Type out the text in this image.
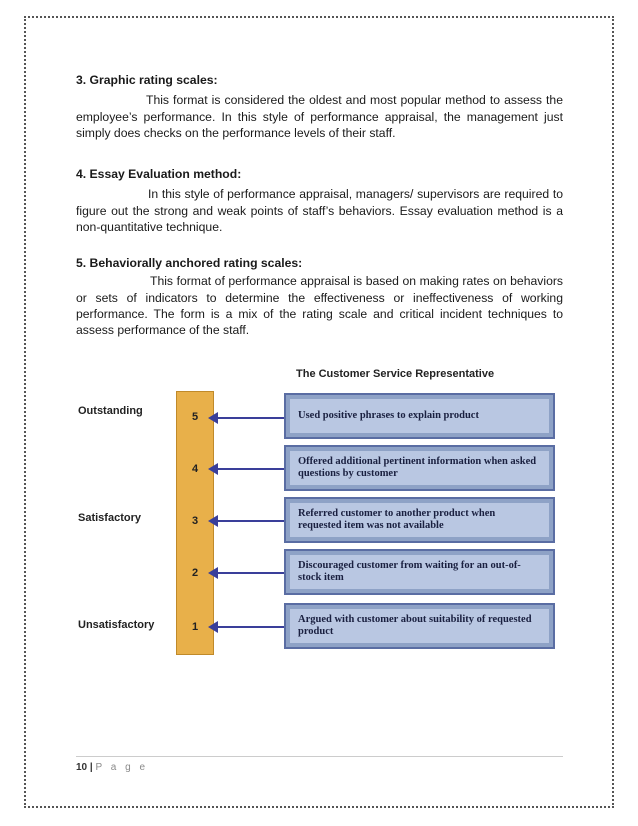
3. Graphic rating scales:

This format is considered the oldest and most popular method to assess the employee’s performance. In this style of performance appraisal, the management just simply does checks on the performance levels of their staff.

4. Essay Evaluation method:

In this style of performance appraisal, managers/ supervisors are required to figure out the strong and weak points of staff’s behaviors. Essay evaluation method is a non-quantitative technique.

5. Behaviorally anchored rating scales:

This format of performance appraisal is based on making rates on behaviors or sets of indicators to determine the effectiveness or ineffectiveness of working performance. The form is a mix of the rating scale and critical incident techniques to assess performance of the staff.

The Customer Service Representative
Outstanding
Satisfactory
Unsatisfactory
5
4
3
2
1
Used positive phrases to explain product
Offered additional pertinent information when asked questions by customer
Referred customer to another product when requested item was not available
Discouraged customer from waiting for an out-of-stock item
Argued with customer about suitability of requested product
10 | P a g e
